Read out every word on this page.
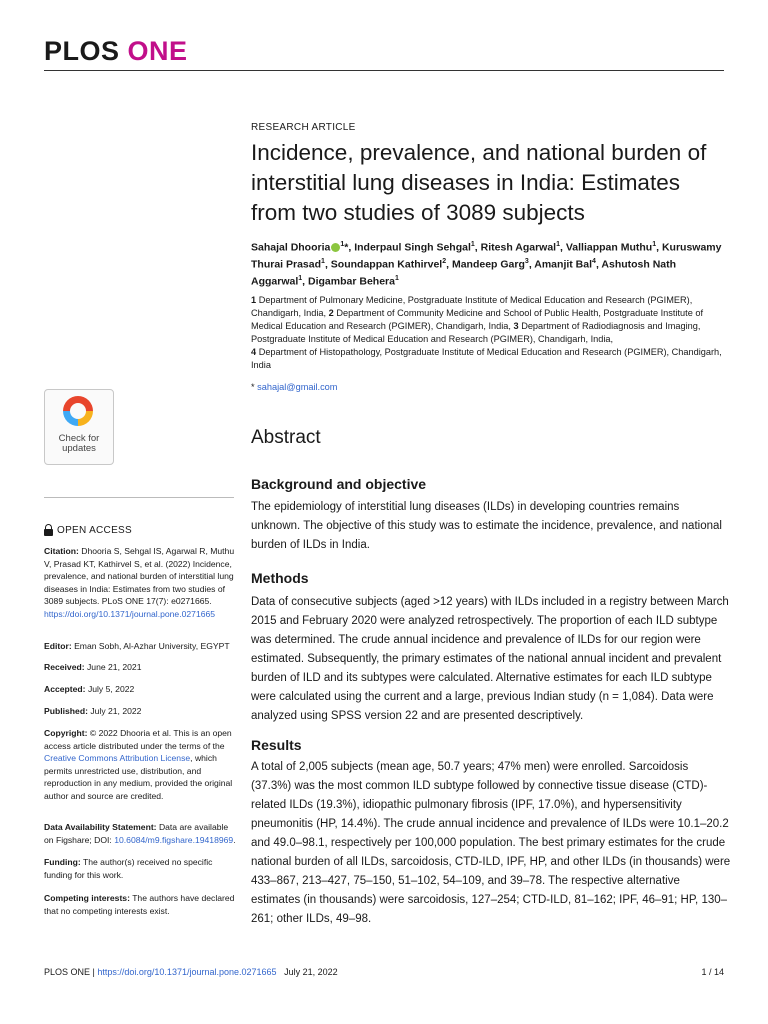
PLOS ONE
RESEARCH ARTICLE
Incidence, prevalence, and national burden of interstitial lung diseases in India: Estimates from two studies of 3089 subjects
Sahajal Dhooria $^1$*, Inderpaul Singh Sehgal$^1$, Ritesh Agarwal$^1$, Valliappan Muthu$^1$, Kuruswamy Thurai Prasad$^1$, Soundappan Kathirvel$^2$, Mandeep Garg$^3$, Amanjit Bal$^4$, Ashutosh Nath Aggarwal$^1$, Digambar Behera$^1$
1 Department of Pulmonary Medicine, Postgraduate Institute of Medical Education and Research (PGIMER), Chandigarh, India, 2 Department of Community Medicine and School of Public Health, Postgraduate Institute of Medical Education and Research (PGIMER), Chandigarh, India, 3 Department of Radiodiagnosis and Imaging, Postgraduate Institute of Medical Education and Research (PGIMER), Chandigarh, India,
4 Department of Histopathology, Postgraduate Institute of Medical Education and Research (PGIMER), Chandigarh, India
* sahajal@gmail.com
Abstract
Background and objective
The epidemiology of interstitial lung diseases (ILDs) in developing countries remains unknown. The objective of this study was to estimate the incidence, prevalence, and national burden of ILDs in India.
Methods
Data of consecutive subjects (aged >12 years) with ILDs included in a registry between March 2015 and February 2020 were analyzed retrospectively. The proportion of each ILD subtype was determined. The crude annual incidence and prevalence of ILDs for our region were estimated. Subsequently, the primary estimates of the national annual incident and prevalent burden of ILD and its subtypes were calculated. Alternative estimates for each ILD subtype were calculated using the current and a large, previous Indian study (n = 1,084). Data were analyzed using SPSS version 22 and are presented descriptively.
Results
A total of 2,005 subjects (mean age, 50.7 years; 47% men) were enrolled. Sarcoidosis (37.3%) was the most common ILD subtype followed by connective tissue disease (CTD)-related ILDs (19.3%), idiopathic pulmonary fibrosis (IPF, 17.0%), and hypersensitivity pneumonitis (HP, 14.4%). The crude annual incidence and prevalence of ILDs were 10.1–20.2 and 49.0–98.1, respectively per 100,000 population. The best primary estimates for the crude national burden of all ILDs, sarcoidosis, CTD-ILD, IPF, HP, and other ILDs (in thousands) were 433–867, 213–427, 75–150, 51–102, 54–109, and 39–78. The respective alternative estimates (in thousands) were sarcoidosis, 127–254; CTD-ILD, 81–162; IPF, 46–91; HP, 130–261; other ILDs, 49–98.
Check for
updates
OPEN ACCESS
Citation: Dhooria S, Sehgal IS, Agarwal R, Muthu V, Prasad KT, Kathirvel S, et al. (2022) Incidence, prevalence, and national burden of interstitial lung diseases in India: Estimates from two studies of 3089 subjects. PLoS ONE 17(7): e0271665. https://doi.org/10.1371/journal.pone.0271665
Editor: Eman Sobh, Al-Azhar University, EGYPT
Received: June 21, 2021
Accepted: July 5, 2022
Published: July 21, 2022
Copyright: © 2022 Dhooria et al. This is an open access article distributed under the terms of the Creative Commons Attribution License, which permits unrestricted use, distribution, and reproduction in any medium, provided the original author and source are credited.
Data Availability Statement: Data are available on Figshare; DOI: 10.6084/m9.figshare.19418969.
Funding: The author(s) received no specific funding for this work.
Competing interests: The authors have declared that no competing interests exist.
PLOS ONE | https://doi.org/10.1371/journal.pone.0271665 July 21, 2022	1 / 14
